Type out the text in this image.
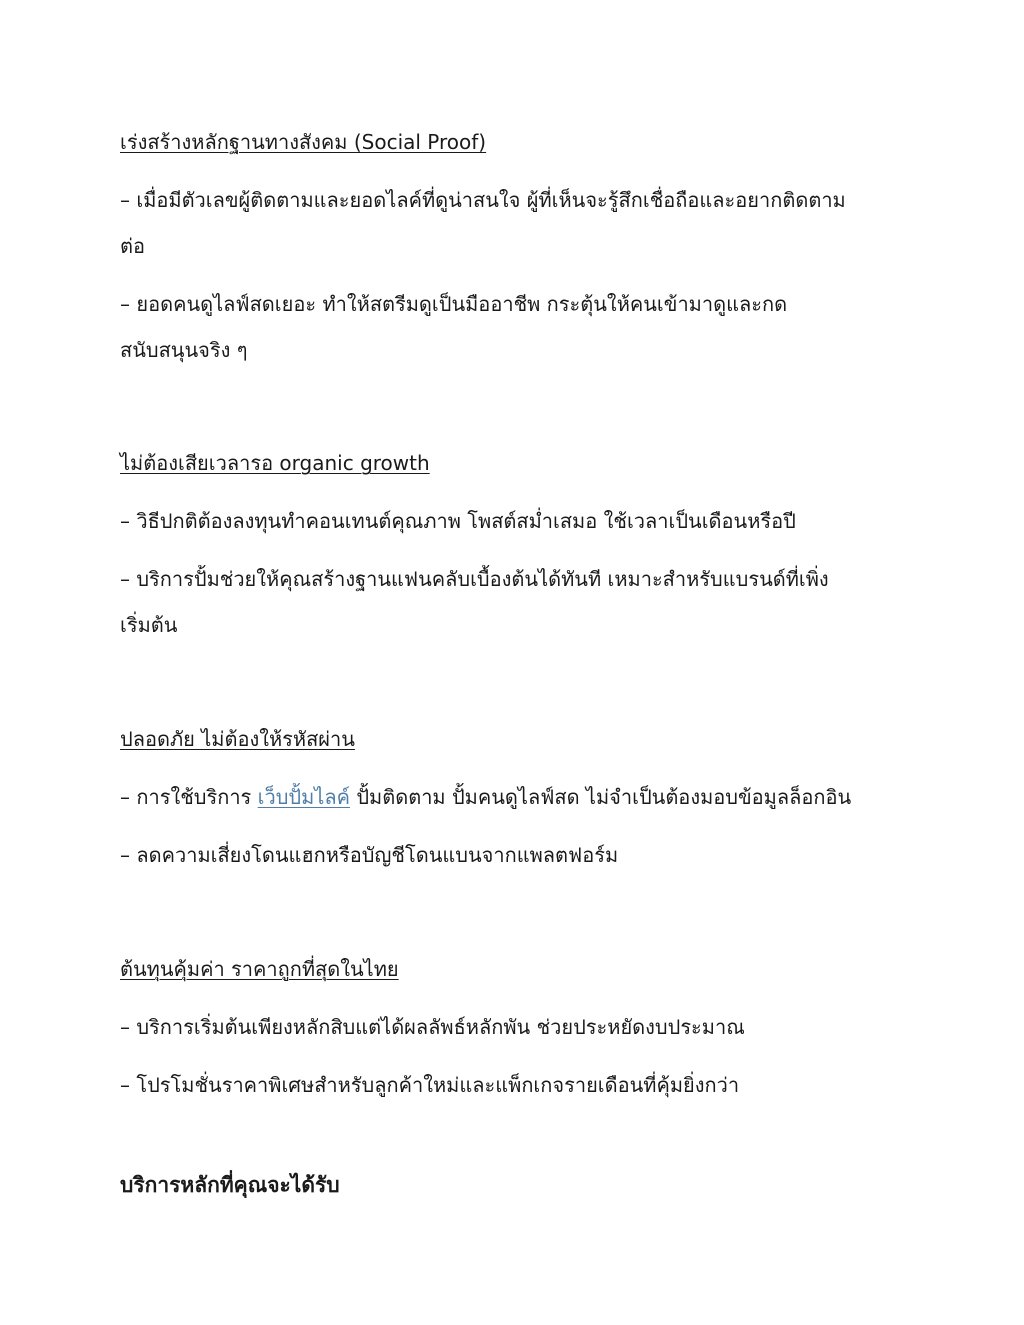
เร่งสร้างหลักฐานทางสังคม (Social Proof)

– เมื่อมีตัวเลขผู้ติดตามและยอดไลค์ที่ดูน่าสนใจ ผู้ที่เห็นจะรู้สึกเชื่อถือและอยากติดตาม

ต่อ

– ยอดคนดูไลฟ์สดเยอะ ทำให้สตรีมดูเป็นมืออาชีพ กระตุ้นให้คนเข้ามาดูและกด

สนับสนุนจริง ๆ

ไม่ต้องเสียเวลารอ organic growth

– วิธีปกติต้องลงทุนทำคอนเทนต์คุณภาพ โพสต์สม่ำเสมอ ใช้เวลาเป็นเดือนหรือปี

– บริการปั้มช่วยให้คุณสร้างฐานแฟนคลับเบื้องต้นได้ทันที เหมาะสำหรับแบรนด์ที่เพิ่ง

เริ่มต้น

ปลอดภัย ไม่ต้องให้รหัสผ่าน

– การใช้บริการ เว็บปั้มไลค์ ปั้มติดตาม ปั้มคนดูไลฟ์สด ไม่จำเป็นต้องมอบข้อมูลล็อกอิน

– ลดความเสี่ยงโดนแฮกหรือบัญชีโดนแบนจากแพลตฟอร์ม

ต้นทุนคุ้มค่า ราคาถูกที่สุดในไทย

– บริการเริ่มต้นเพียงหลักสิบแต่ได้ผลลัพธ์หลักพัน ช่วยประหยัดงบประมาณ

– โปรโมชั่นราคาพิเศษสำหรับลูกค้าใหม่และแพ็กเกจรายเดือนที่คุ้มยิ่งกว่า

บริการหลักที่คุณจะได้รับ
